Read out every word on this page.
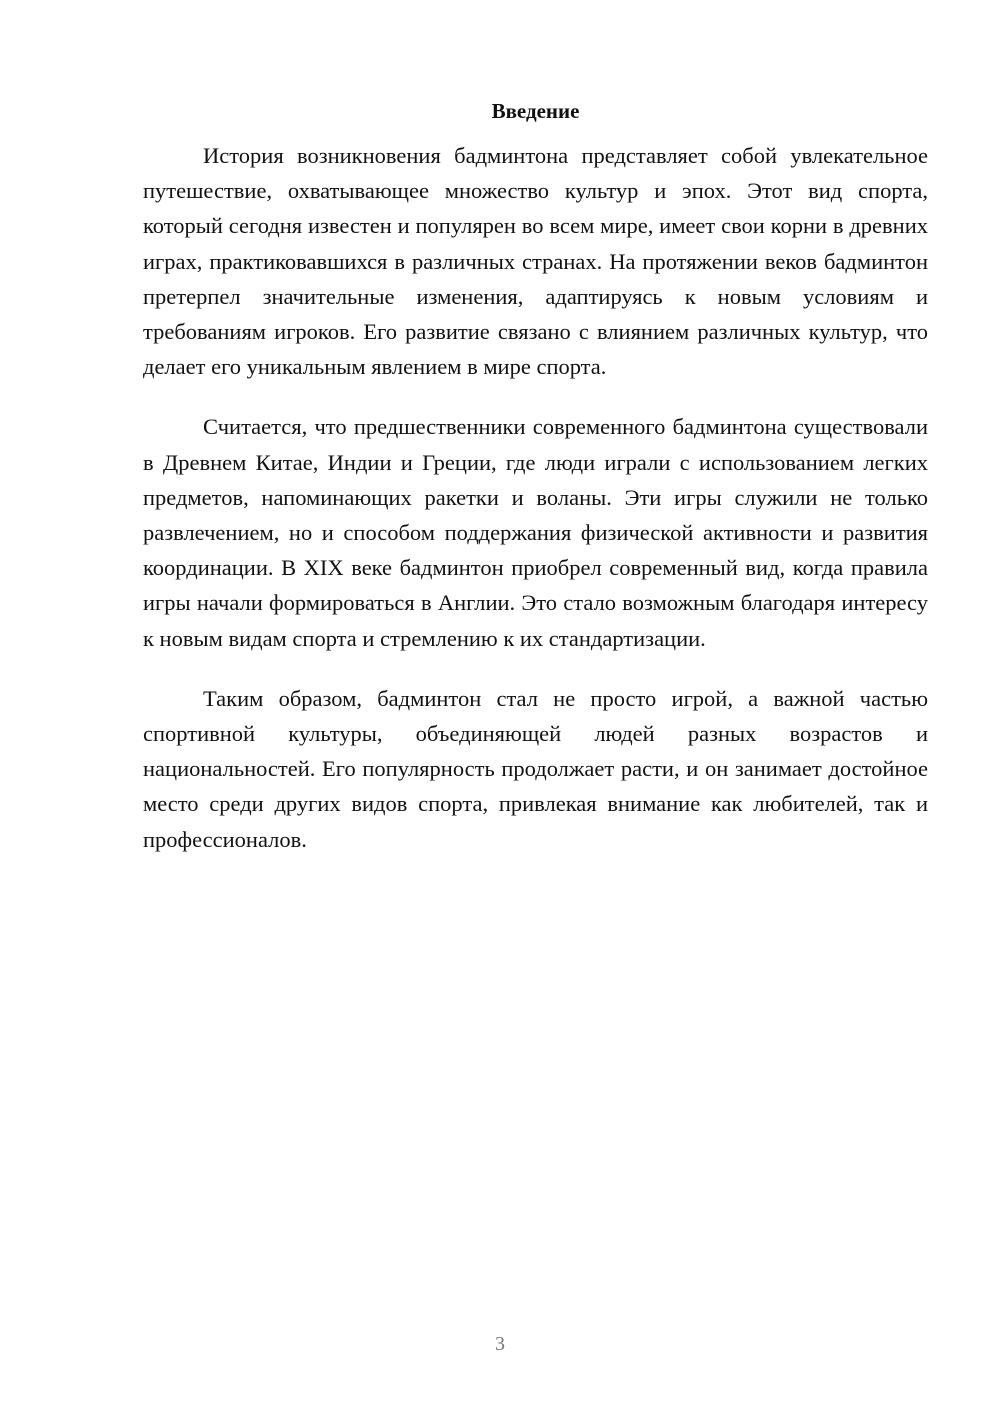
Введение

История возникновения бадминтона представляет собой увлекательное путешествие, охватывающее множество культур и эпох. Этот вид спорта, который сегодня известен и популярен во всем мире, имеет свои корни в древних играх, практиковавшихся в различных странах. На протяжении веков бадминтон претерпел значительные изменения, адаптируясь к новым условиям и требованиям игроков. Его развитие связано с влиянием различных культур, что делает его уникальным явлением в мире спорта.

Считается, что предшественники современного бадминтона существовали в Древнем Китае, Индии и Греции, где люди играли с использованием легких предметов, напоминающих ракетки и воланы. Эти игры служили не только развлечением, но и способом поддержания физической активности и развития координации. В XIX веке бадминтон приобрел современный вид, когда правила игры начали формироваться в Англии. Это стало возможным благодаря интересу к новым видам спорта и стремлению к их стандартизации.

Таким образом, бадминтон стал не просто игрой, а важной частью спортивной культуры, объединяющей людей разных возрастов и национальностей. Его популярность продолжает расти, и он занимает достойное место среди других видов спорта, привлекая внимание как любителей, так и профессионалов.

3
